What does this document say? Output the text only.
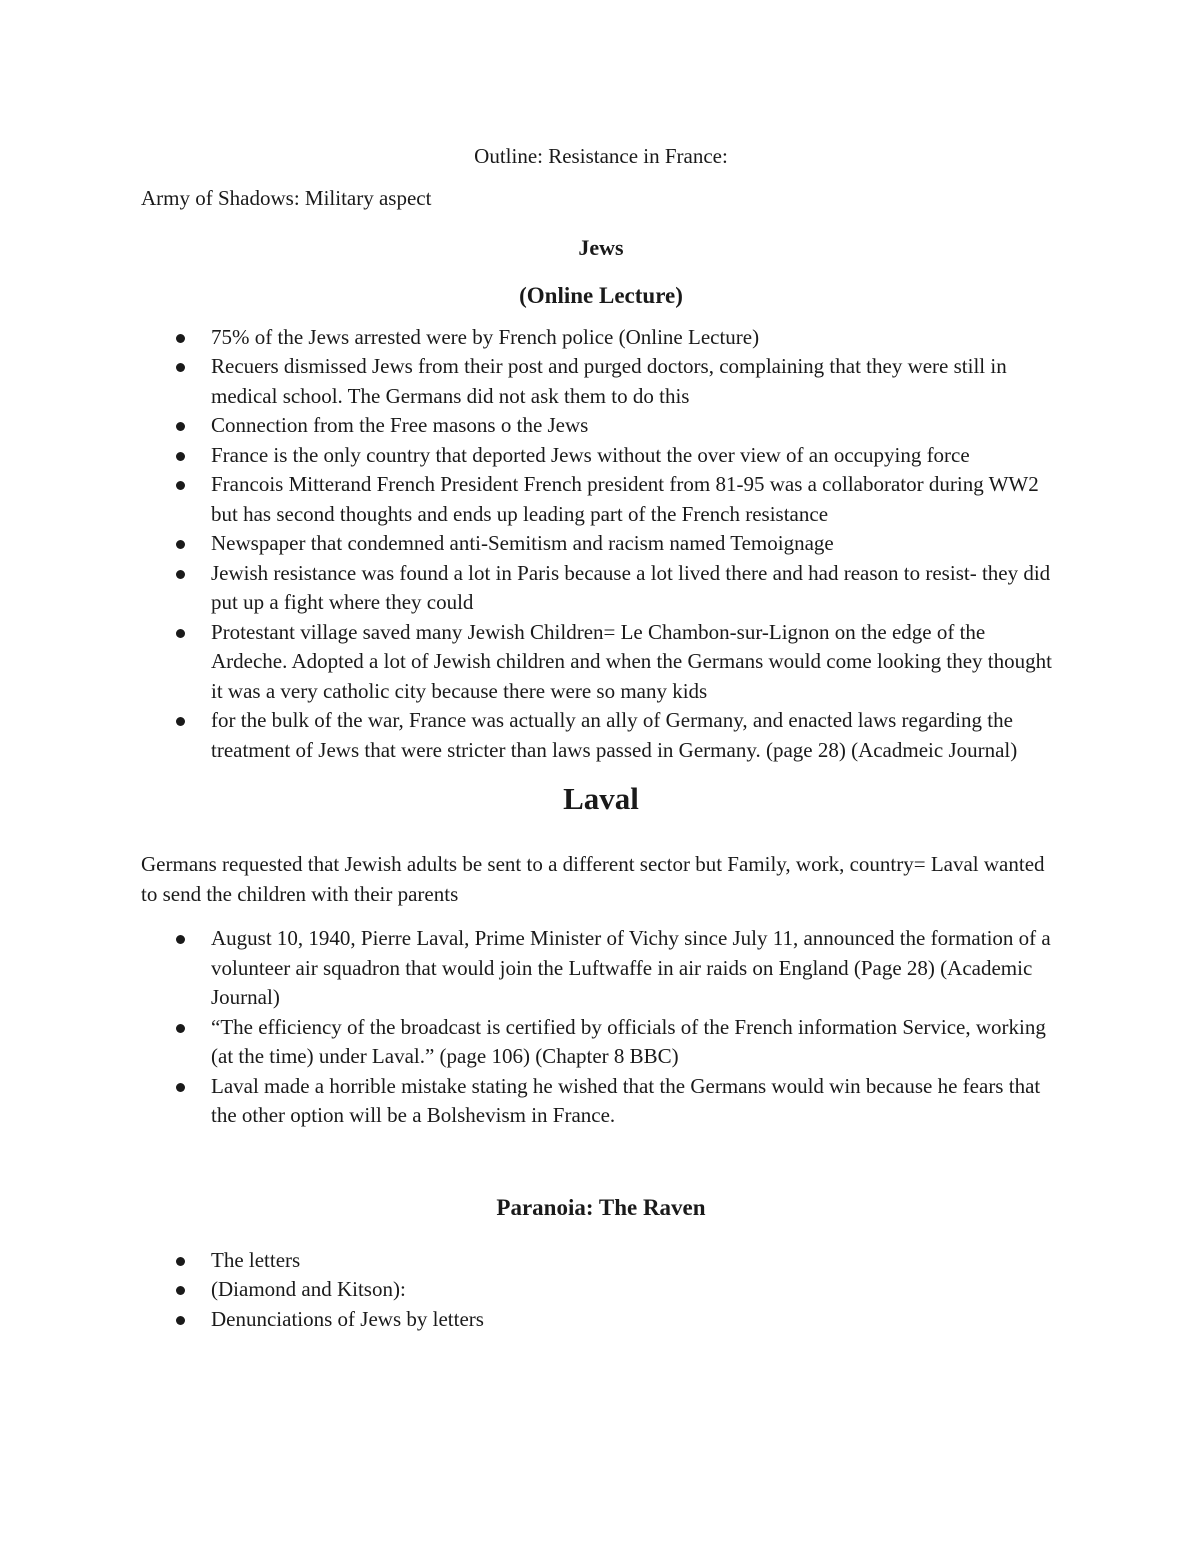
Outline: Resistance in France:

Army of Shadows: Military aspect

Jews

(Online Lecture)

75% of the Jews arrested were by French police (Online Lecture)
Recuers dismissed Jews from their post and purged doctors, complaining that they were still in medical school. The Germans did not ask them to do this
Connection from the Free masons o the Jews
France is the only country that deported Jews without the over view of an occupying force
Francois Mitterand French President French president from 81-95 was a collaborator during WW2 but has second thoughts and ends up leading part of the French resistance
Newspaper that condemned anti-Semitism and racism named Temoignage
Jewish resistance was found a lot in Paris because a lot lived there and had reason to resist- they did put up a fight where they could
Protestant village saved many Jewish Children= Le Chambon-sur-Lignon on the edge of the Ardeche. Adopted a lot of Jewish children and when the Germans would come looking they thought it was a very catholic city because there were so many kids
for the bulk of the war, France was actually an ally of Germany, and enacted laws regarding the treatment of Jews that were stricter than laws passed in Germany. (page 28) (Acadmeic Journal)

Laval

Germans requested that Jewish adults be sent to a different sector but Family, work, country= Laval wanted to send the children with their parents

August 10, 1940, Pierre Laval, Prime Minister of Vichy since July 11, announced the formation of a volunteer air squadron that would join the Luftwaffe in air raids on England (Page 28) (Academic Journal)
“The efficiency of the broadcast is certified by officials of the French information Service, working (at the time) under Laval.” (page 106) (Chapter 8 BBC)
Laval made a horrible mistake stating he wished that the Germans would win because he fears that the other option will be a Bolshevism in France.

Paranoia: The Raven

The letters
(Diamond and Kitson):
Denunciations of Jews by letters
